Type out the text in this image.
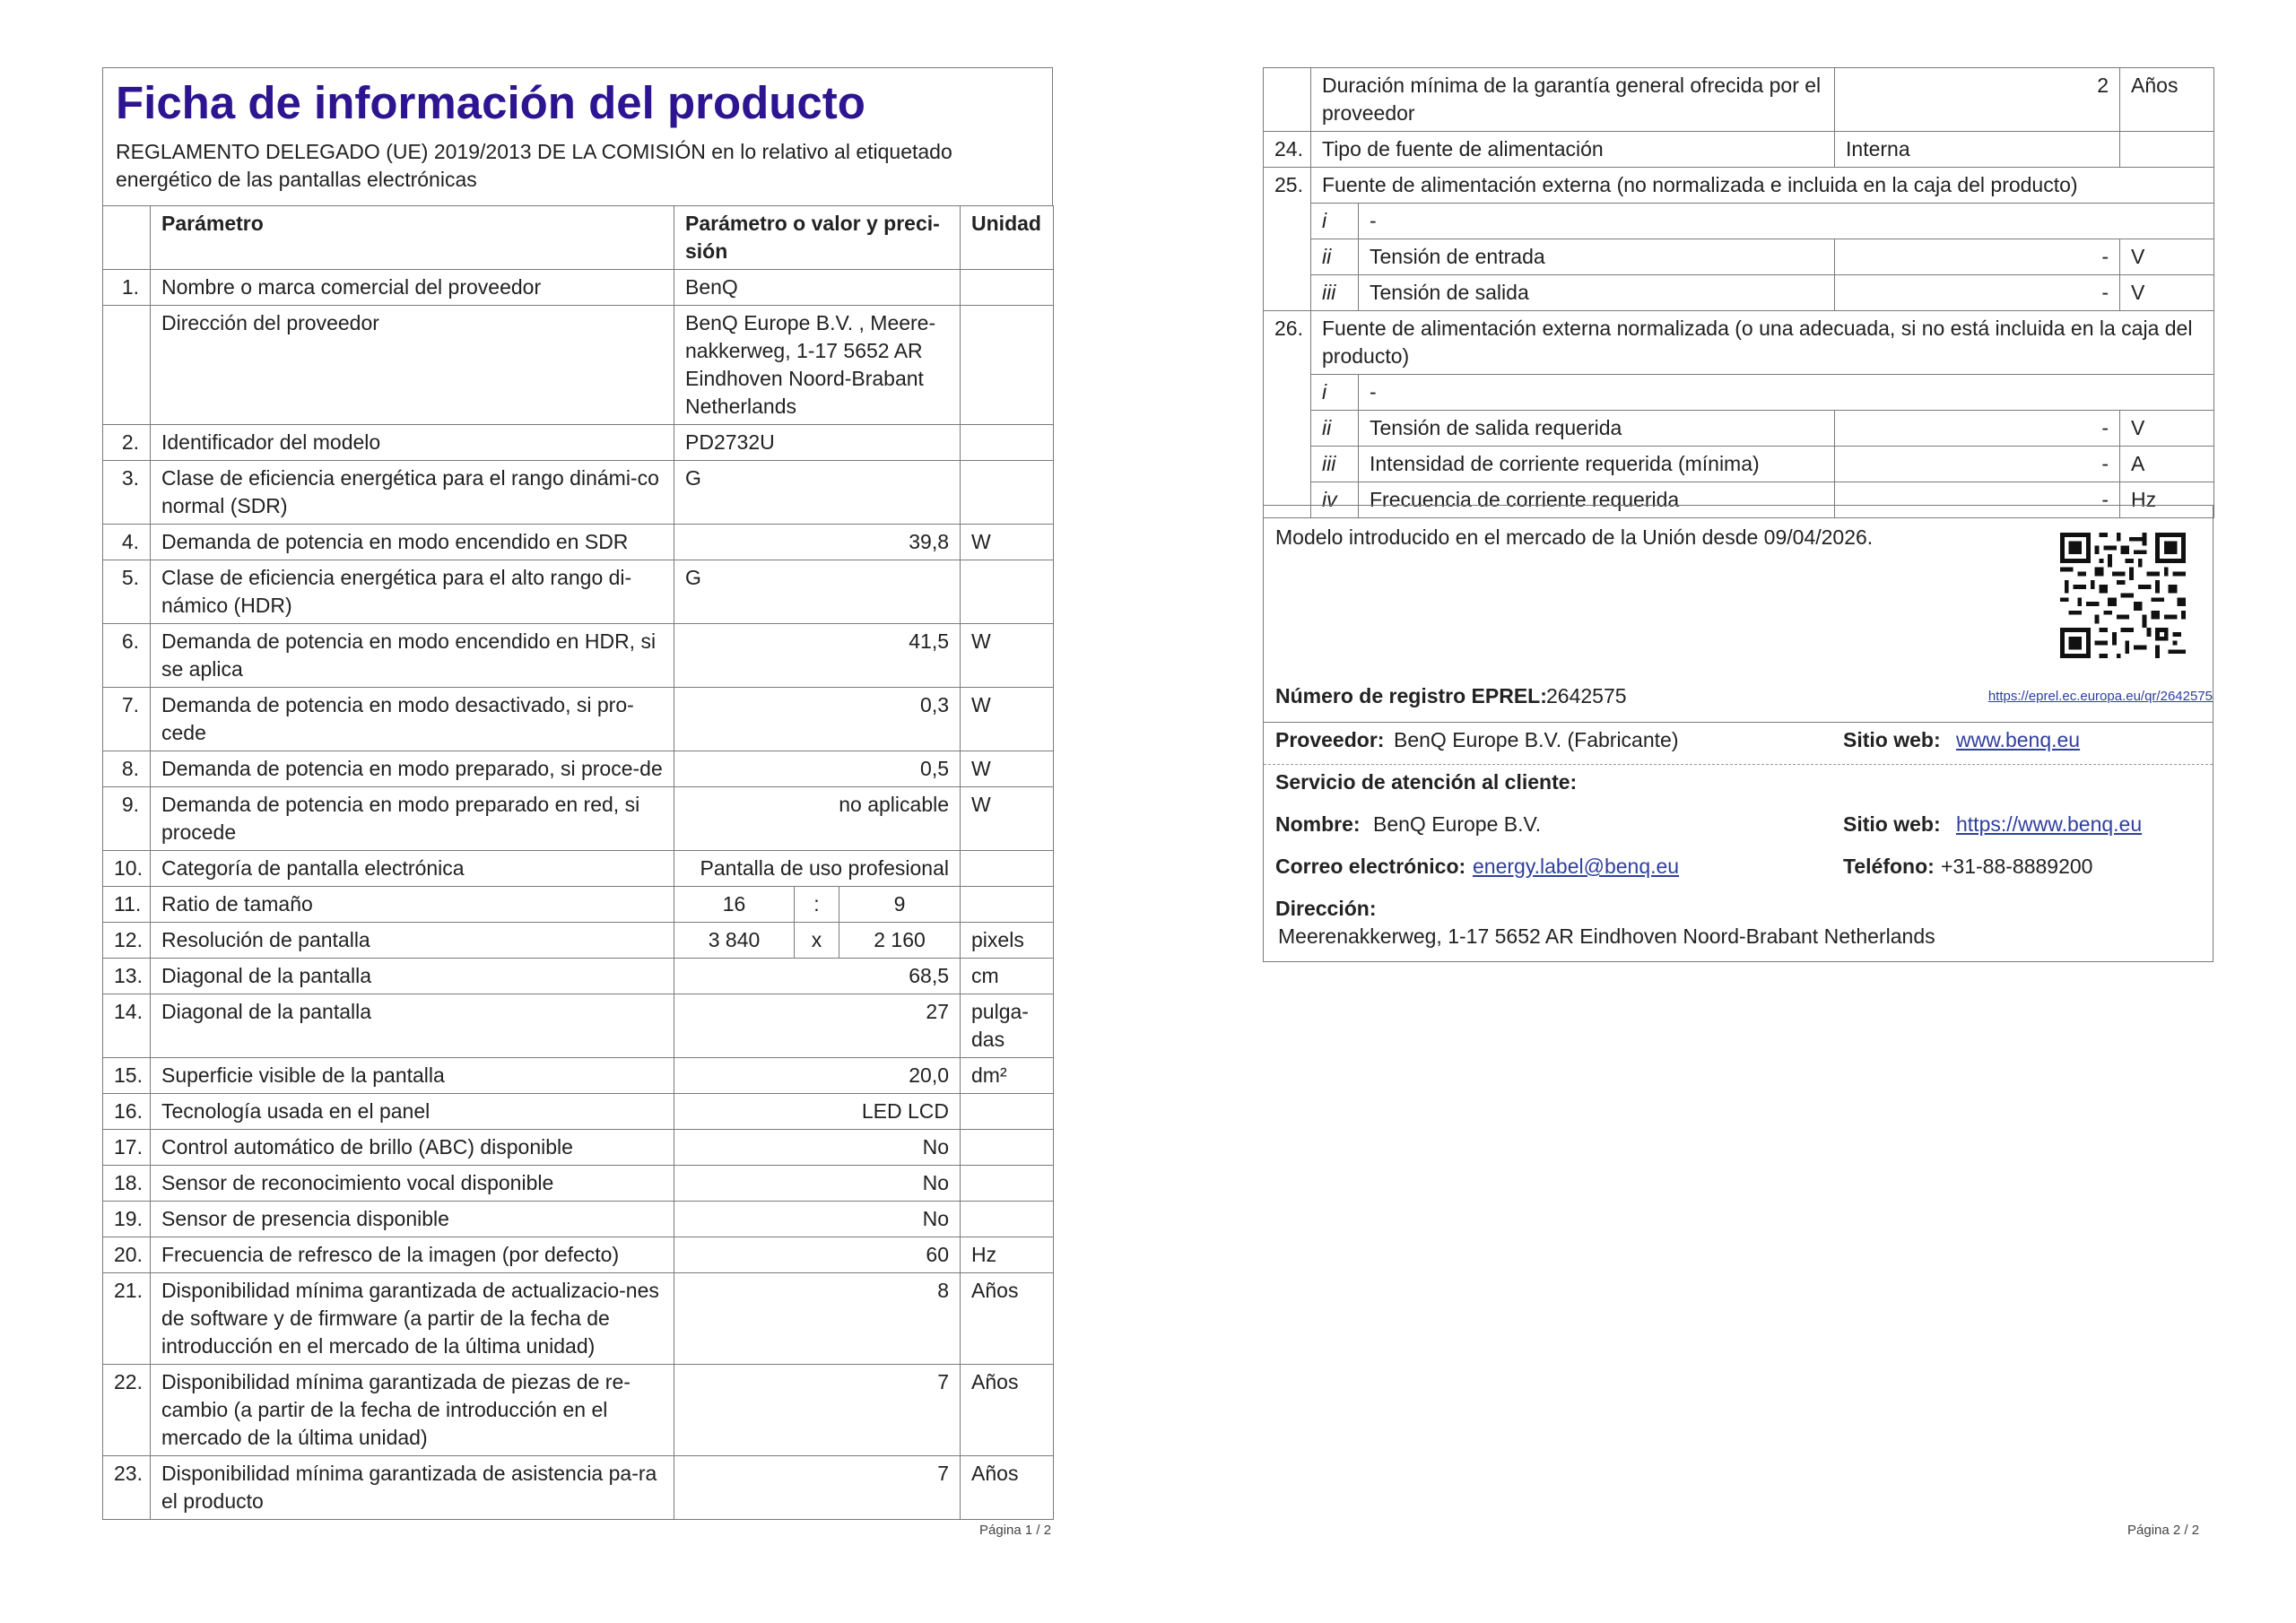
Ficha de información del producto
REGLAMENTO DELEGADO (UE) 2019/2013 DE LA COMISIÓN en lo relativo al etiquetado energético de las pantallas electrónicas
	Parámetro	Parámetro o valor y preci-sión			Unidad
1.	Nombre o marca comercial del proveedor	BenQ			
	Dirección del proveedor	BenQ Europe B.V. , Meere-nakkerweg, 1-17 5652 AR Eindhoven Noord-Brabant Netherlands			
2.	Identificador del modelo	PD2732U			
3.	Clase de eficiencia energética para el rango dinámi-co normal (SDR)	G			
4.	Demanda de potencia en modo encendido en SDR	39,8			W
5.	Clase de eficiencia energética para el alto rango di-námico (HDR)	G			
6.	Demanda de potencia en modo encendido en HDR, si se aplica	41,5			W
7.	Demanda de potencia en modo desactivado, si pro-cede	0,3			W
8.	Demanda de potencia en modo preparado, si proce-de	0,5			W
9.	Demanda de potencia en modo preparado en red, si procede	no aplicable			W
10.	Categoría de pantalla electrónica	Pantalla de uso profesional			
11.	Ratio de tamaño	16	:	9	
12.	Resolución de pantalla	3 840	x	2 160	pixels
13.	Diagonal de la pantalla	68,5			cm
14.	Diagonal de la pantalla	27			pulga-das
15.	Superficie visible de la pantalla	20,0			dm²
16.	Tecnología usada en el panel	LED LCD			
17.	Control automático de brillo (ABC) disponible	No			
18.	Sensor de reconocimiento vocal disponible	No			
19.	Sensor de presencia disponible	No			
20.	Frecuencia de refresco de la imagen (por defecto)	60			Hz
21.	Disponibilidad mínima garantizada de actualizacio-nes de software y de firmware (a partir de la fecha de introducción en el mercado de la última unidad)	8			Años
22.	Disponibilidad mínima garantizada de piezas de re-cambio (a partir de la fecha de introducción en el mercado de la última unidad)	7			Años
23.	Disponibilidad mínima garantizada de asistencia pa-ra el producto	7			Años
Página 1 / 2
	Duración mínima de la garantía general ofrecida por el proveedor		2	Años
24.	Tipo de fuente de alimentación		Interna	
25.	Fuente de alimentación externa (no normalizada e incluida en la caja del producto)			
	i	-		
	ii	Tensión de entrada	-	V
	iii	Tensión de salida	-	V
26.	Fuente de alimentación externa normalizada (o una adecuada, si no está incluida en la caja del producto)			
	i	-		
	ii	Tensión de salida requerida	-	V
	iii	Intensidad de corriente requerida (mínima)	-	A
	iv	Frecuencia de corriente requerida	-	Hz
Modelo introducido en el mercado de la Unión desde 09/04/2026.
Número de registro EPREL: 2642575	https://eprel.ec.europa.eu/qr/2642575
Proveedor: BenQ Europe B.V. (Fabricante)	Sitio web: www.benq.eu
Servicio de atención al cliente:
Nombre: BenQ Europe B.V.	Sitio web: https://www.benq.eu
Correo electrónico: energy.label@benq.eu	Teléfono: +31-88-8889200
Dirección:
Meerenakkerweg, 1-17 5652 AR Eindhoven Noord-Brabant Netherlands
Página 2 / 2
